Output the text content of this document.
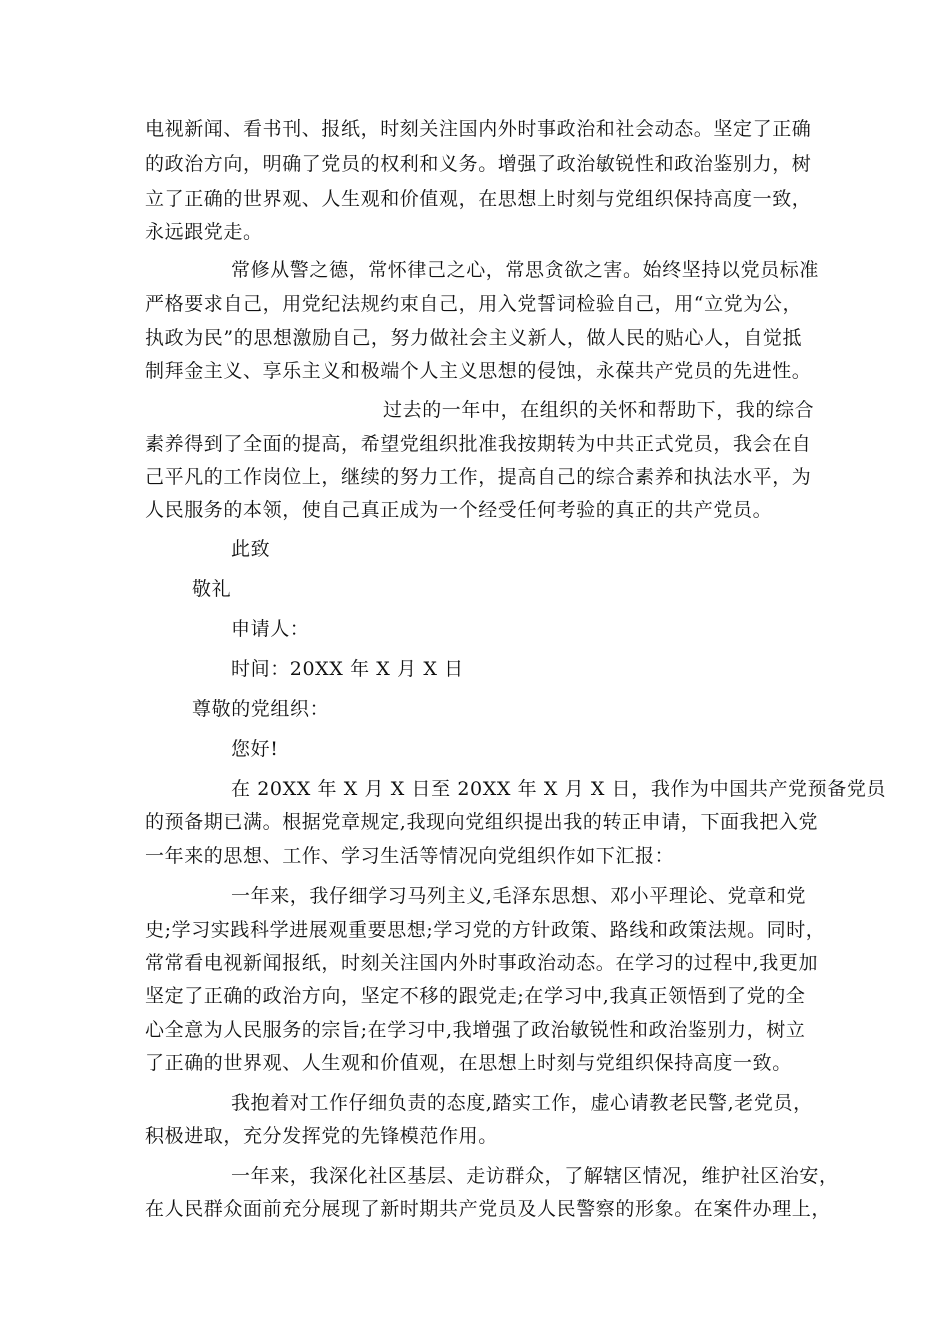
电视新闻、看书刊、报纸，时刻关注国内外时事政治和社会动态。坚定了正确
的政治方向，明确了党员的权利和义务。增强了政治敏锐性和政治鉴别力，树
立了正确的世界观、人生观和价值观，在思想上时刻与党组织保持高度一致，
永远跟党走。
常修从警之德，常怀律己之心，常思贪欲之害。始终坚持以党员标准
严格要求自己，用党纪法规约束自己，用入党誓词检验自己，用“立党为公，
执政为民”的思想激励自己，努力做社会主义新人，做人民的贴心人，自觉抵
制拜金主义、享乐主义和极端个人主义思想的侵蚀，永葆共产党员的先进性。
过去的一年中，在组织的关怀和帮助下，我的综合
素养得到了全面的提高，希望党组织批准我按期转为中共正式党员，我会在自
己平凡的工作岗位上，继续的努力工作，提高自己的综合素养和执法水平，为
人民服务的本领，使自己真正成为一个经受任何考验的真正的共产党员。
此致
敬礼
申请人：
时间：20XX 年 X 月 X 日
尊敬的党组织：
您好!
在 20XX 年 X 月 X 日至 20XX 年 X 月 X 日，我作为中国共产党预备党员
的预备期已满。根据党章规定,我现向党组织提出我的转正申请，下面我把入党
一年来的思想、工作、学习生活等情况向党组织作如下汇报：
一年来，我仔细学习马列主义,毛泽东思想、邓小平理论、党章和党
史;学习实践科学进展观重要思想;学习党的方针政策、路线和政策法规。同时，
常常看电视新闻报纸，时刻关注国内外时事政治动态。在学习的过程中,我更加
坚定了正确的政治方向，坚定不移的跟党走;在学习中,我真正领悟到了党的全
心全意为人民服务的宗旨;在学习中,我增强了政治敏锐性和政治鉴别力，树立
了正确的世界观、人生观和价值观，在思想上时刻与党组织保持高度一致。
我抱着对工作仔细负责的态度,踏实工作，虚心请教老民警,老党员，
积极进取，充分发挥党的先锋模范作用。
一年来，我深化社区基层、走访群众，了解辖区情况，维护社区治安，
在人民群众面前充分展现了新时期共产党员及人民警察的形象。在案件办理上，
